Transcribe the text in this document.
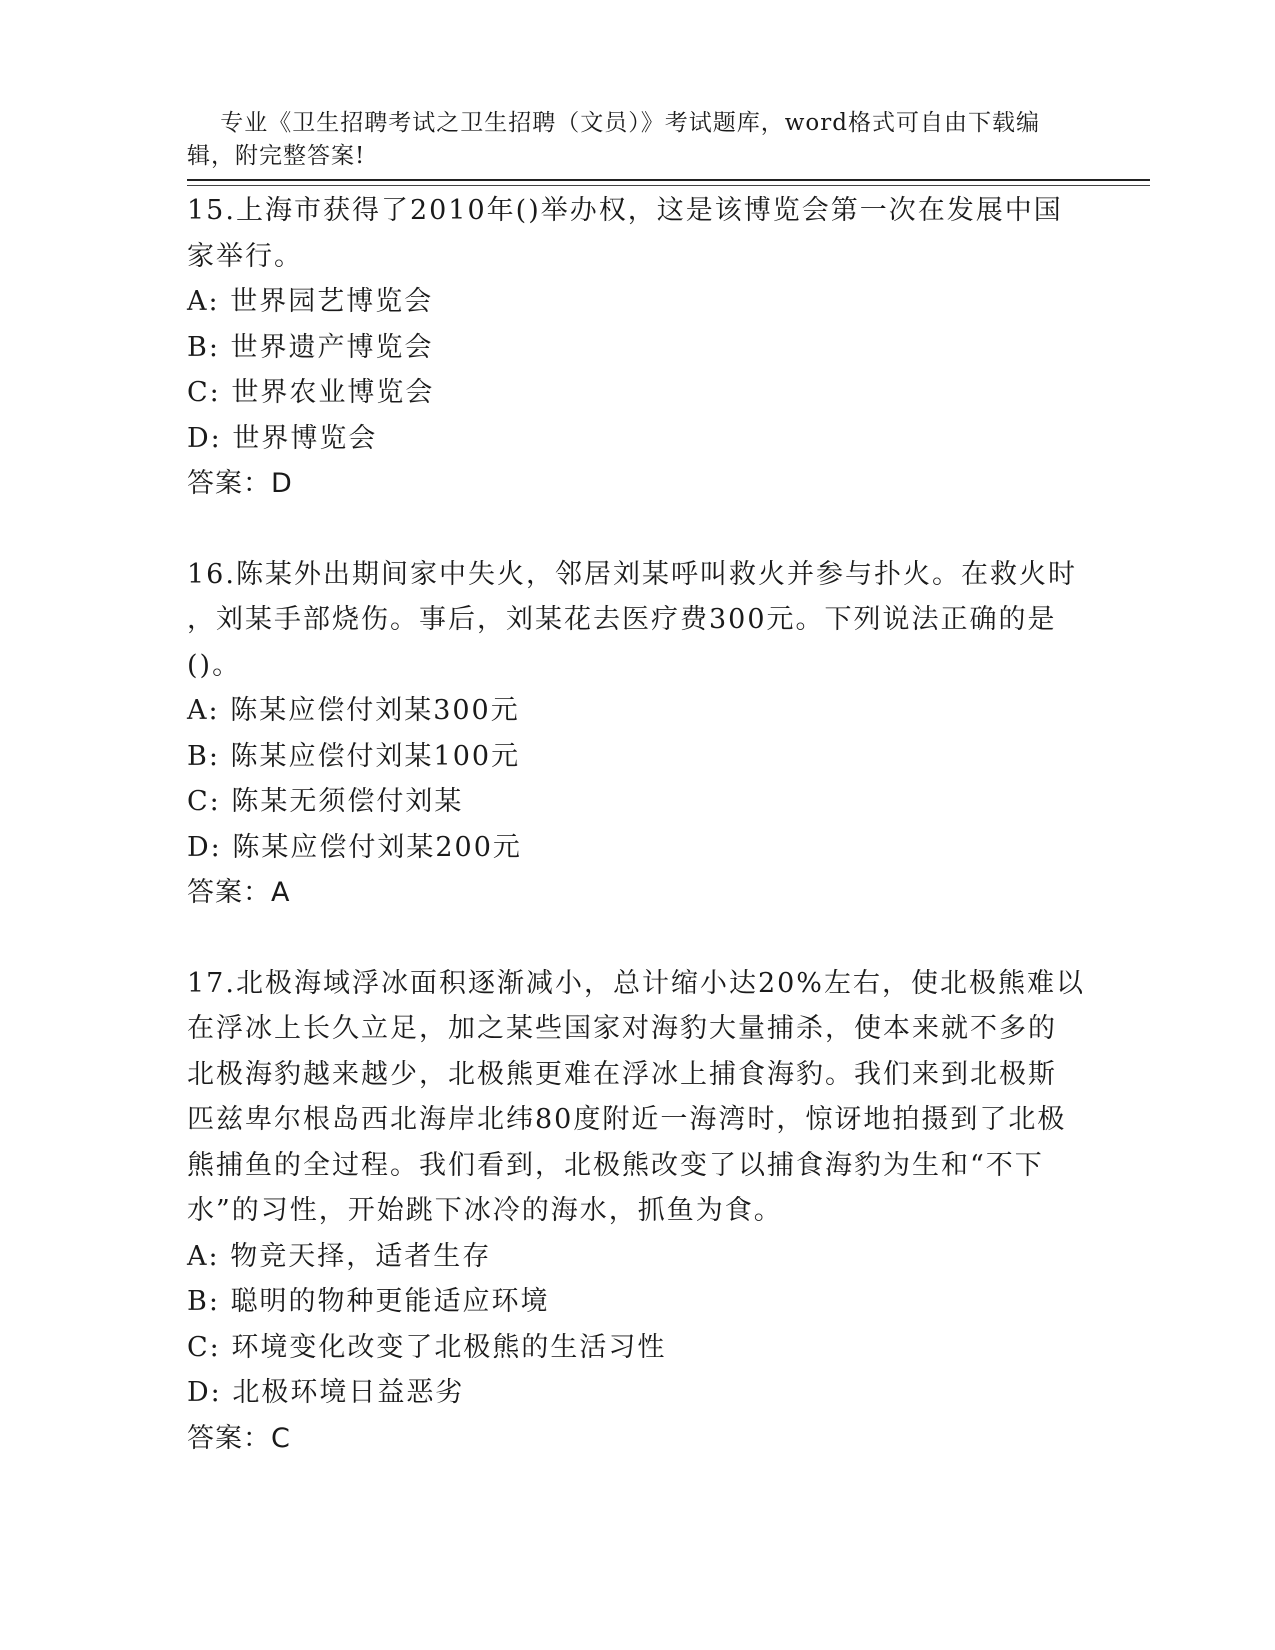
专业《卫生招聘考试之卫生招聘（文员）》考试题库，word格式可自由下载编辑，附完整答案!

15.上海市获得了2010年()举办权，这是该博览会第一次在发展中国

家举行。

A: 世界园艺博览会

B: 世界遗产博览会

C: 世界农业博览会

D: 世界博览会

答案：D

16.陈某外出期间家中失火，邻居刘某呼叫救火并参与扑火。在救火时

，刘某手部烧伤。事后，刘某花去医疗费300元。下列说法正确的是

()。

A: 陈某应偿付刘某300元

B: 陈某应偿付刘某100元

C: 陈某无须偿付刘某

D: 陈某应偿付刘某200元

答案：A

17.北极海域浮冰面积逐渐减小，总计缩小达20%左右，使北极熊难以

在浮冰上长久立足，加之某些国家对海豹大量捕杀，使本来就不多的

北极海豹越来越少，北极熊更难在浮冰上捕食海豹。我们来到北极斯

匹兹卑尔根岛西北海岸北纬80度附近一海湾时，惊讶地拍摄到了北极

熊捕鱼的全过程。我们看到，北极熊改变了以捕食海豹为生和“不下

水”的习性，开始跳下冰冷的海水，抓鱼为食。

A: 物竞天择，适者生存

B: 聪明的物种更能适应环境

C: 环境变化改变了北极熊的生活习性

D: 北极环境日益恶劣

答案：C
